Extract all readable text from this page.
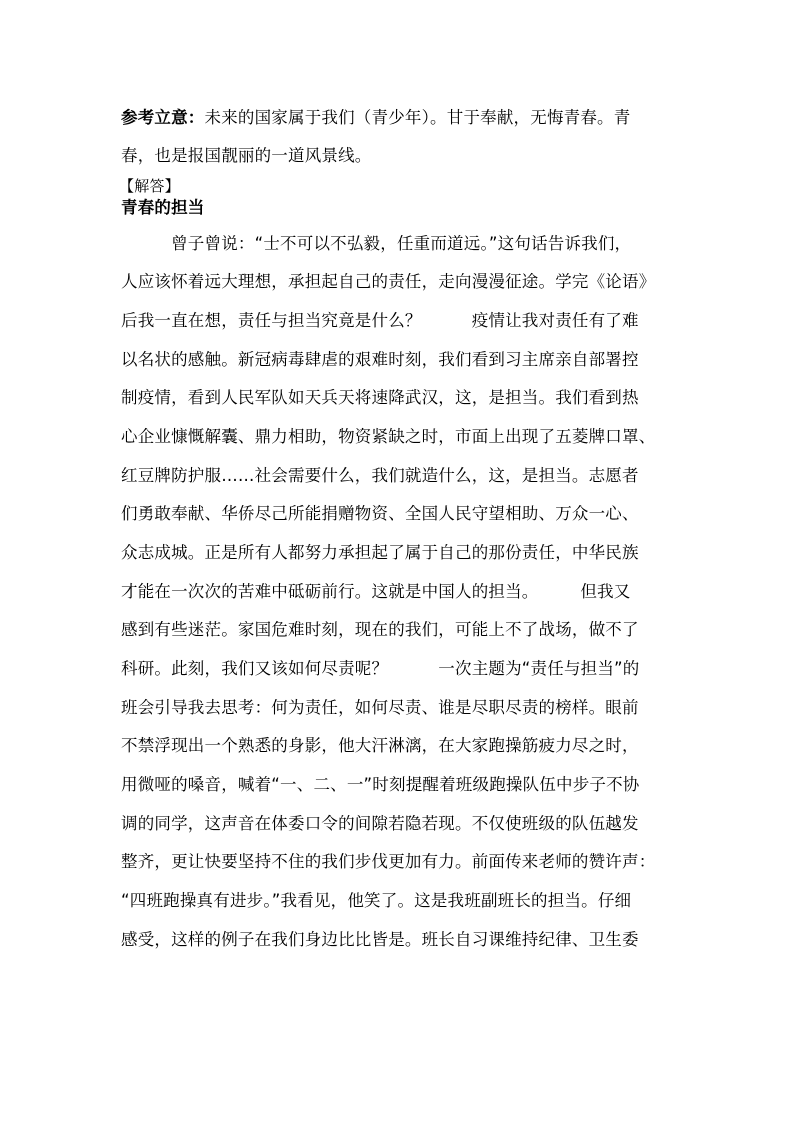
参考立意：未来的国家属于我们（青少年）。甘于奉献，无悔青春。青
春，也是报国靓丽的一道风景线。
【解答】
青春的担当
　　　曾子曾说：“士不可以不弘毅，任重而道远。”这句话告诉我们，
人应该怀着远大理想，承担起自己的责任，走向漫漫征途。学完《论语》
后我一直在想，责任与担当究竟是什么？　　　疫情让我对责任有了难
以名状的感触。新冠病毒肆虐的艰难时刻，我们看到习主席亲自部署控
制疫情，看到人民军队如天兵天将速降武汉，这，是担当。我们看到热
心企业慷慨解囊、鼎力相助，物资紧缺之时，市面上出现了五菱牌口罩、
红豆牌防护服……社会需要什么，我们就造什么，这，是担当。志愿者
们勇敢奉献、华侨尽己所能捐赠物资、全国人民守望相助、万众一心、
众志成城。正是所有人都努力承担起了属于自己的那份责任，中华民族
才能在一次次的苦难中砥砺前行。这就是中国人的担当。　　　但我又
感到有些迷茫。家国危难时刻，现在的我们，可能上不了战场，做不了
科研。此刻，我们又该如何尽责呢？　　　一次主题为“责任与担当”的
班会引导我去思考：何为责任，如何尽责、谁是尽职尽责的榜样。眼前
不禁浮现出一个熟悉的身影，他大汗淋漓，在大家跑操筋疲力尽之时，
用微哑的嗓音，喊着“一、二、一”时刻提醒着班级跑操队伍中步子不协
调的同学，这声音在体委口令的间隙若隐若现。不仅使班级的队伍越发
整齐，更让快要坚持不住的我们步伐更加有力。前面传来老师的赞许声：
“四班跑操真有进步。”我看见，他笑了。这是我班副班长的担当。仔细
感受，这样的例子在我们身边比比皆是。班长自习课维持纪律、卫生委
